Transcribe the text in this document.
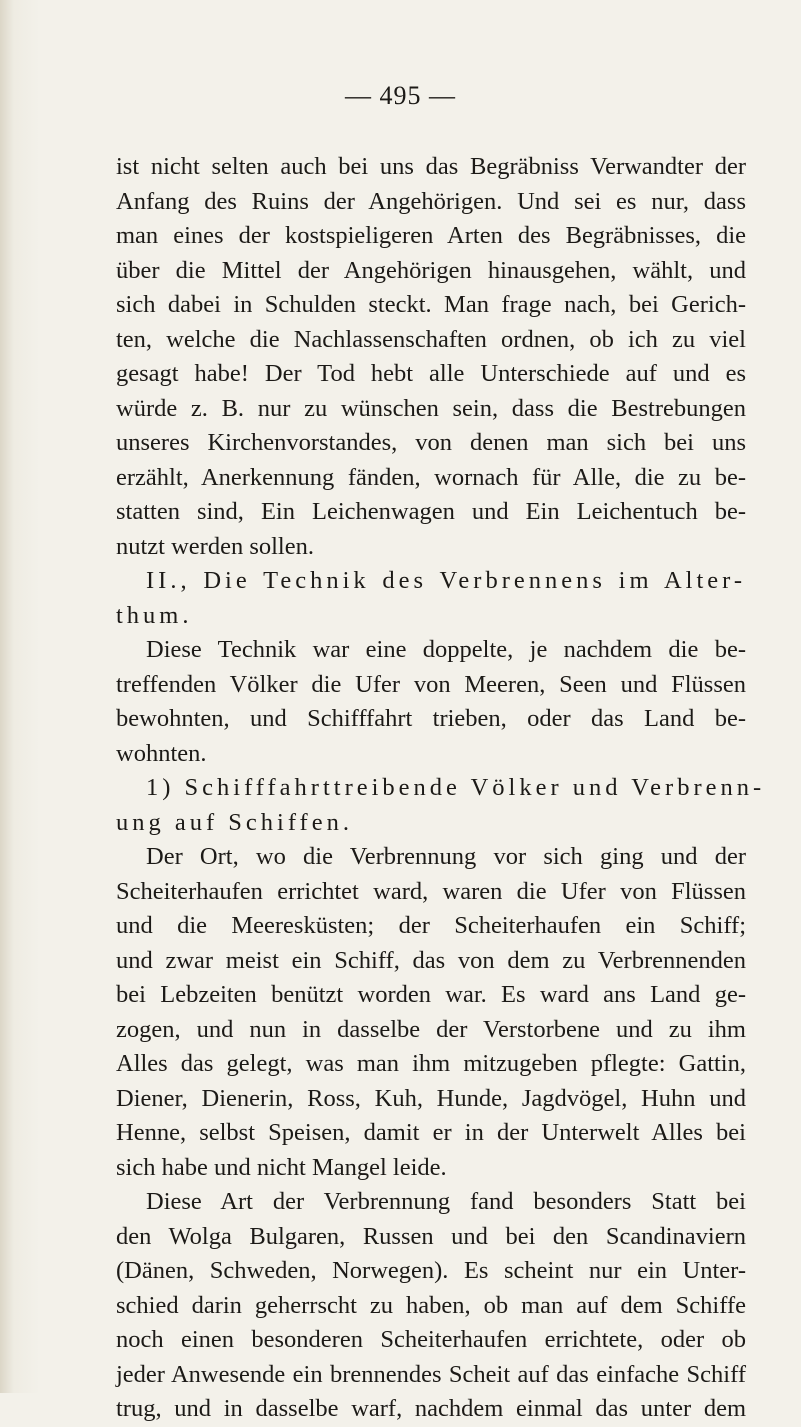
— 495 —
ist nicht selten auch bei uns das Begräbniss Verwandter der
Anfang des Ruins der Angehörigen. Und sei es nur, dass
man eines der kostspieligeren Arten des Begräbnisses, die
über die Mittel der Angehörigen hinausgehen, wählt, und
sich dabei in Schulden steckt. Man frage nach, bei Gerich-
ten, welche die Nachlassenschaften ordnen, ob ich zu viel
gesagt habe! Der Tod hebt alle Unterschiede auf und es
würde z. B. nur zu wünschen sein, dass die Bestrebungen
unseres Kirchenvorstandes, von denen man sich bei uns
erzählt, Anerkennung fänden, wornach für Alle, die zu be-
statten sind, Ein Leichenwagen und Ein Leichentuch be-
nutzt werden sollen.
II., Die Technik des Verbrennens im Alter-
thum.
Diese Technik war eine doppelte, je nachdem die be-
treffenden Völker die Ufer von Meeren, Seen und Flüssen
bewohnten, und Schifffahrt trieben, oder das Land be-
wohnten.
1) Schifffahrttreibende Völker und Verbrenn-
ung auf Schiffen.
Der Ort, wo die Verbrennung vor sich ging und der
Scheiterhaufen errichtet ward, waren die Ufer von Flüssen
und die Meeresküsten; der Scheiterhaufen ein Schiff;
und zwar meist ein Schiff, das von dem zu Verbrennenden
bei Lebzeiten benützt worden war. Es ward ans Land ge-
zogen, und nun in dasselbe der Verstorbene und zu ihm
Alles das gelegt, was man ihm mitzugeben pflegte: Gattin,
Diener, Dienerin, Ross, Kuh, Hunde, Jagdvögel, Huhn und
Henne, selbst Speisen, damit er in der Unterwelt Alles bei
sich habe und nicht Mangel leide.
Diese Art der Verbrennung fand besonders Statt bei
den Wolga Bulgaren, Russen und bei den Scandinaviern
(Dänen, Schweden, Norwegen). Es scheint nur ein Unter-
schied darin geherrscht zu haben, ob man auf dem Schiffe
noch einen besonderen Scheiterhaufen errichtete, oder ob
jeder Anwesende ein brennendes Scheit auf das einfache Schiff
trug, und in dasselbe warf, nachdem einmal das unter dem
